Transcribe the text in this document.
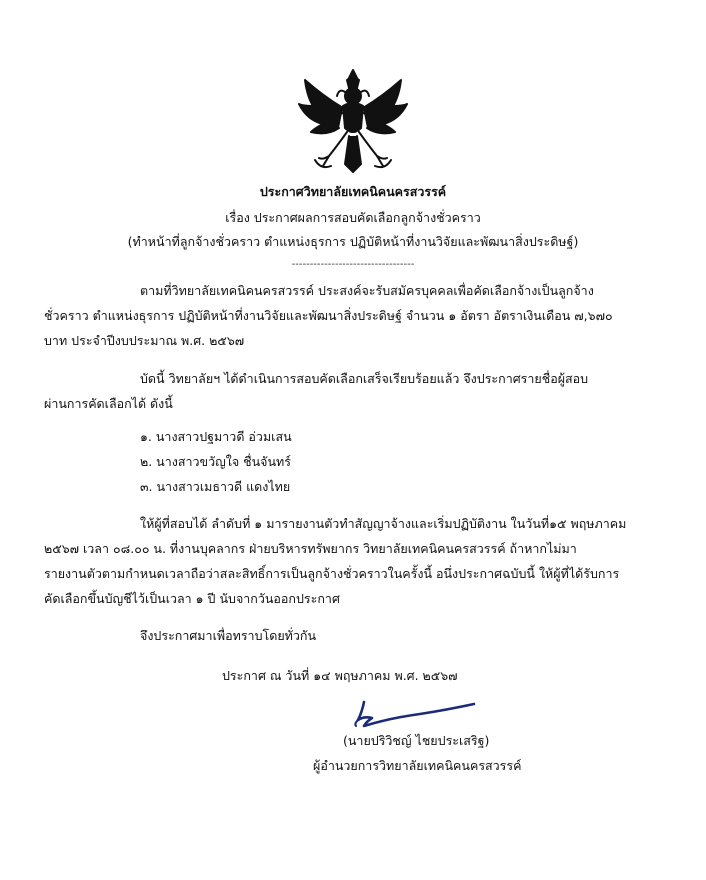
ประกาศวิทยาลัยเทคนิคนครสวรรค์
เรื่อง ประกาศผลการสอบคัดเลือกลูกจ้างชั่วคราว
(ทำหน้าที่ลูกจ้างชั่วคราว ตำแหน่งธุรการ ปฏิบัติหน้าที่งานวิจัยและพัฒนาสิ่งประดิษฐ์)
----------------------------------
ตามที่วิทยาลัยเทคนิคนครสวรรค์ ประสงค์จะรับสมัครบุคคลเพื่อคัดเลือกจ้างเป็นลูกจ้าง
ชั่วคราว ตำแหน่งธุรการ ปฏิบัติหน้าที่งานวิจัยและพัฒนาสิ่งประดิษฐ์ จำนวน ๑ อัตรา อัตราเงินเดือน ๗,๖๗๐
บาท ประจำปีงบประมาณ พ.ศ. ๒๕๖๗
บัดนี้ วิทยาลัยฯ ได้ดำเนินการสอบคัดเลือกเสร็จเรียบร้อยแล้ว จึงประกาศรายชื่อผู้สอบ
ผ่านการคัดเลือกได้ ดังนี้
๑. นางสาวปฐมาวดี อ่วมเสน
๒. นางสาวขวัญใจ ชื่นจันทร์
๓. นางสาวเมธาวดี แดงไทย
ให้ผู้ที่สอบได้ ลำดับที่ ๑ มารายงานตัวทำสัญญาจ้างและเริ่มปฏิบัติงาน ในวันที่๑๕ พฤษภาคม
๒๕๖๗ เวลา ๐๘.๐๐ น. ที่งานบุคลากร ฝ่ายบริหารทรัพยากร วิทยาลัยเทคนิคนครสวรรค์ ถ้าหากไม่มา
รายงานตัวตามกำหนดเวลาถือว่าสละสิทธิ์การเป็นลูกจ้างชั่วคราวในครั้งนี้ อนึ่งประกาศฉบับนี้ ให้ผู้ที่ได้รับการ
คัดเลือกขึ้นบัญชีไว้เป็นเวลา ๑ ปี นับจากวันออกประกาศ
จึงประกาศมาเพื่อทราบโดยทั่วกัน
ประกาศ ณ วันที่ ๑๔ พฤษภาคม พ.ศ. ๒๕๖๗
(นายปริวิชญ์ ไชยประเสริฐ)
ผู้อำนวยการวิทยาลัยเทคนิคนครสวรรค์
